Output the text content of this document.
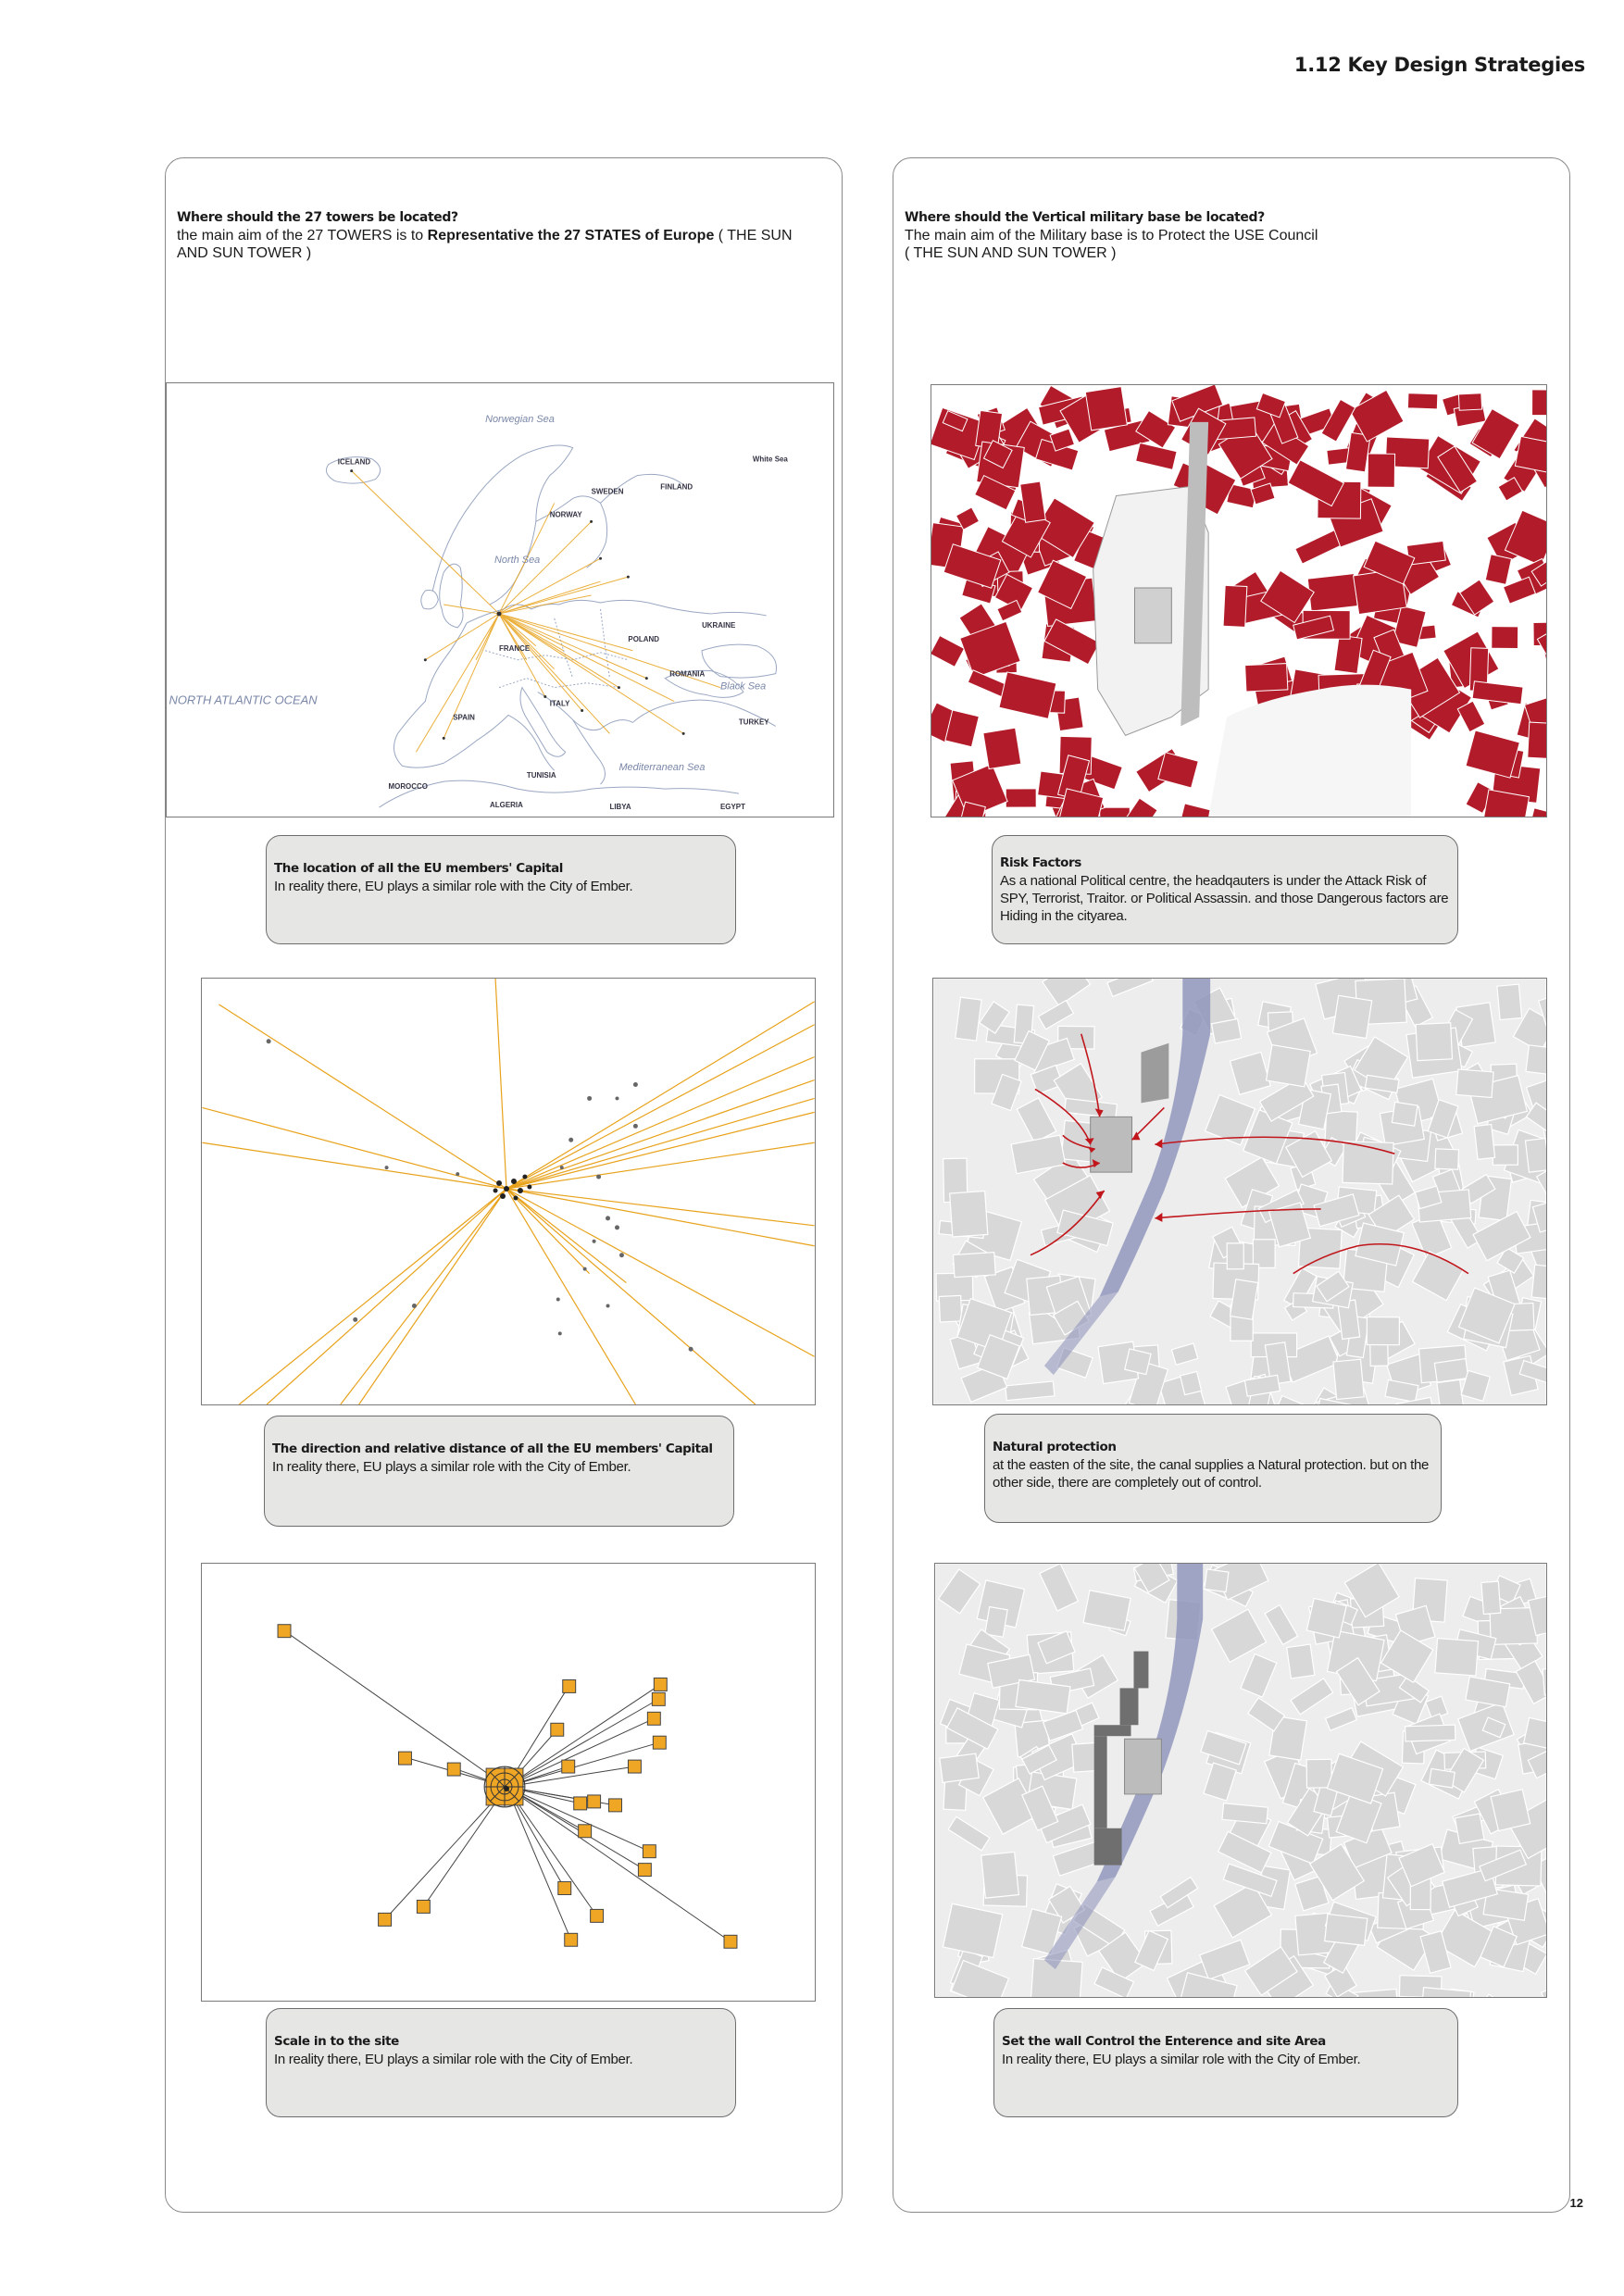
1.12 Key Design Strategies
Where should the 27 towers be located?
the main aim of the 27 TOWERS is to Representative the 27 STATES of Europe ( THE SUN AND SUN TOWER )
ICELAND
FINLAND
NORWAY
SWEDEN
FRANCE
SPAIN
ITALY
POLAND
UKRAINE
ROMANIA
TURKEY
ALGERIA	LIBYA	EGYPT
MOROCCO
TUNISIA
White Sea
Norwegian Sea
North Sea
NORTH ATLANTIC OCEAN
Black Sea
Mediterranean Sea
The location of all the EU members' Capital
In reality there, EU plays a similar role with the City of Ember.
The direction and relative distance of all the EU members' Capital
In reality there, EU plays a similar role with the City of Ember.
Scale in to the site
In reality there, EU plays a similar role with the City of Ember.
Where should the Vertical military base be located?
The main aim of the Military base is to Protect the USE Council
( THE SUN AND SUN TOWER )
Risk Factors
As a national Political centre, the headqauters is under the Attack Risk of SPY, Terrorist, Traitor. or Political Assassin. and those Dangerous factors are Hiding in the cityarea.
Natural protection
at the easten of the site, the canal supplies a Natural protection. but on the other side, there are completely out of control.
Set the wall Control the Enterence and site Area
In reality there, EU plays a similar role with the City of Ember.
12
